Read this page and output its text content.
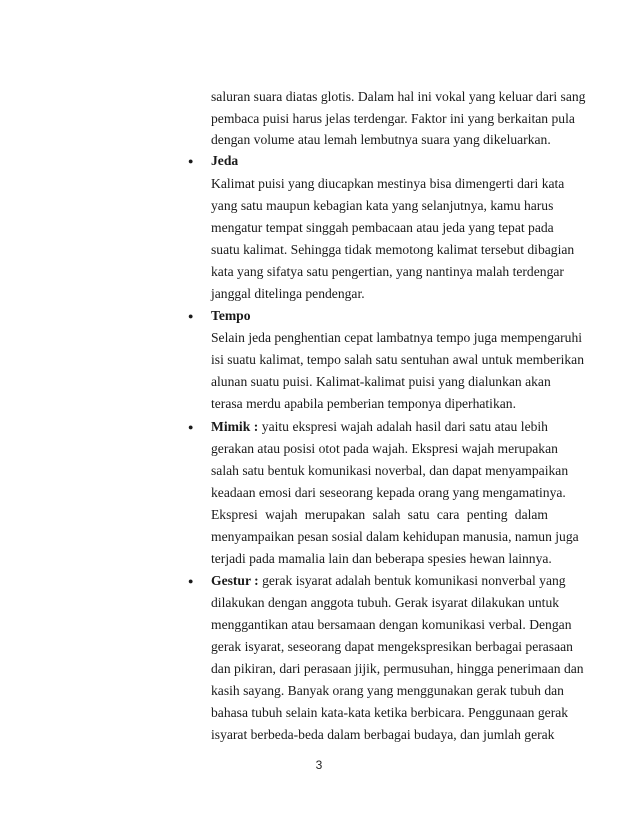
saluran suara diatas glotis. Dalam hal ini vokal yang keluar dari sang
pembaca puisi harus jelas terdengar. Faktor ini yang berkaitan pula
dengan volume atau lemah lembutnya suara yang dikeluarkan.
● Jeda
Kalimat puisi yang diucapkan mestinya bisa dimengerti dari kata
yang satu maupun kebagian kata yang selanjutnya, kamu harus
mengatur tempat singgah pembacaan atau jeda yang tepat pada
suatu kalimat. Sehingga tidak memotong kalimat tersebut dibagian
kata yang sifatya satu pengertian, yang nantinya malah terdengar
janggal ditelinga pendengar.
● Tempo
Selain jeda penghentian cepat lambatnya tempo juga mempengaruhi
isi suatu kalimat, tempo salah satu sentuhan awal untuk memberikan
alunan suatu puisi. Kalimat-kalimat puisi yang dialunkan akan
terasa merdu apabila pemberian temponya diperhatikan.
● Mimik : yaitu ekspresi wajah adalah hasil dari satu atau lebih
gerakan atau posisi otot pada wajah. Ekspresi wajah merupakan
salah satu bentuk komunikasi noverbal, dan dapat menyampaikan
keadaan emosi dari seseorang kepada orang yang mengamatinya.
Ekspresi wajah merupakan salah satu cara penting dalam
menyampaikan pesan sosial dalam kehidupan manusia, namun juga
terjadi pada mamalia lain dan beberapa spesies hewan lainnya.
● Gestur : gerak isyarat adalah bentuk komunikasi nonverbal yang
dilakukan dengan anggota tubuh. Gerak isyarat dilakukan untuk
menggantikan atau bersamaan dengan komunikasi verbal. Dengan
gerak isyarat, seseorang dapat mengekspresikan berbagai perasaan
dan pikiran, dari perasaan jijik, permusuhan, hingga penerimaan dan
kasih sayang. Banyak orang yang menggunakan gerak tubuh dan
bahasa tubuh selain kata-kata ketika berbicara. Penggunaan gerak
isyarat berbeda-beda dalam berbagai budaya, dan jumlah gerak
3
